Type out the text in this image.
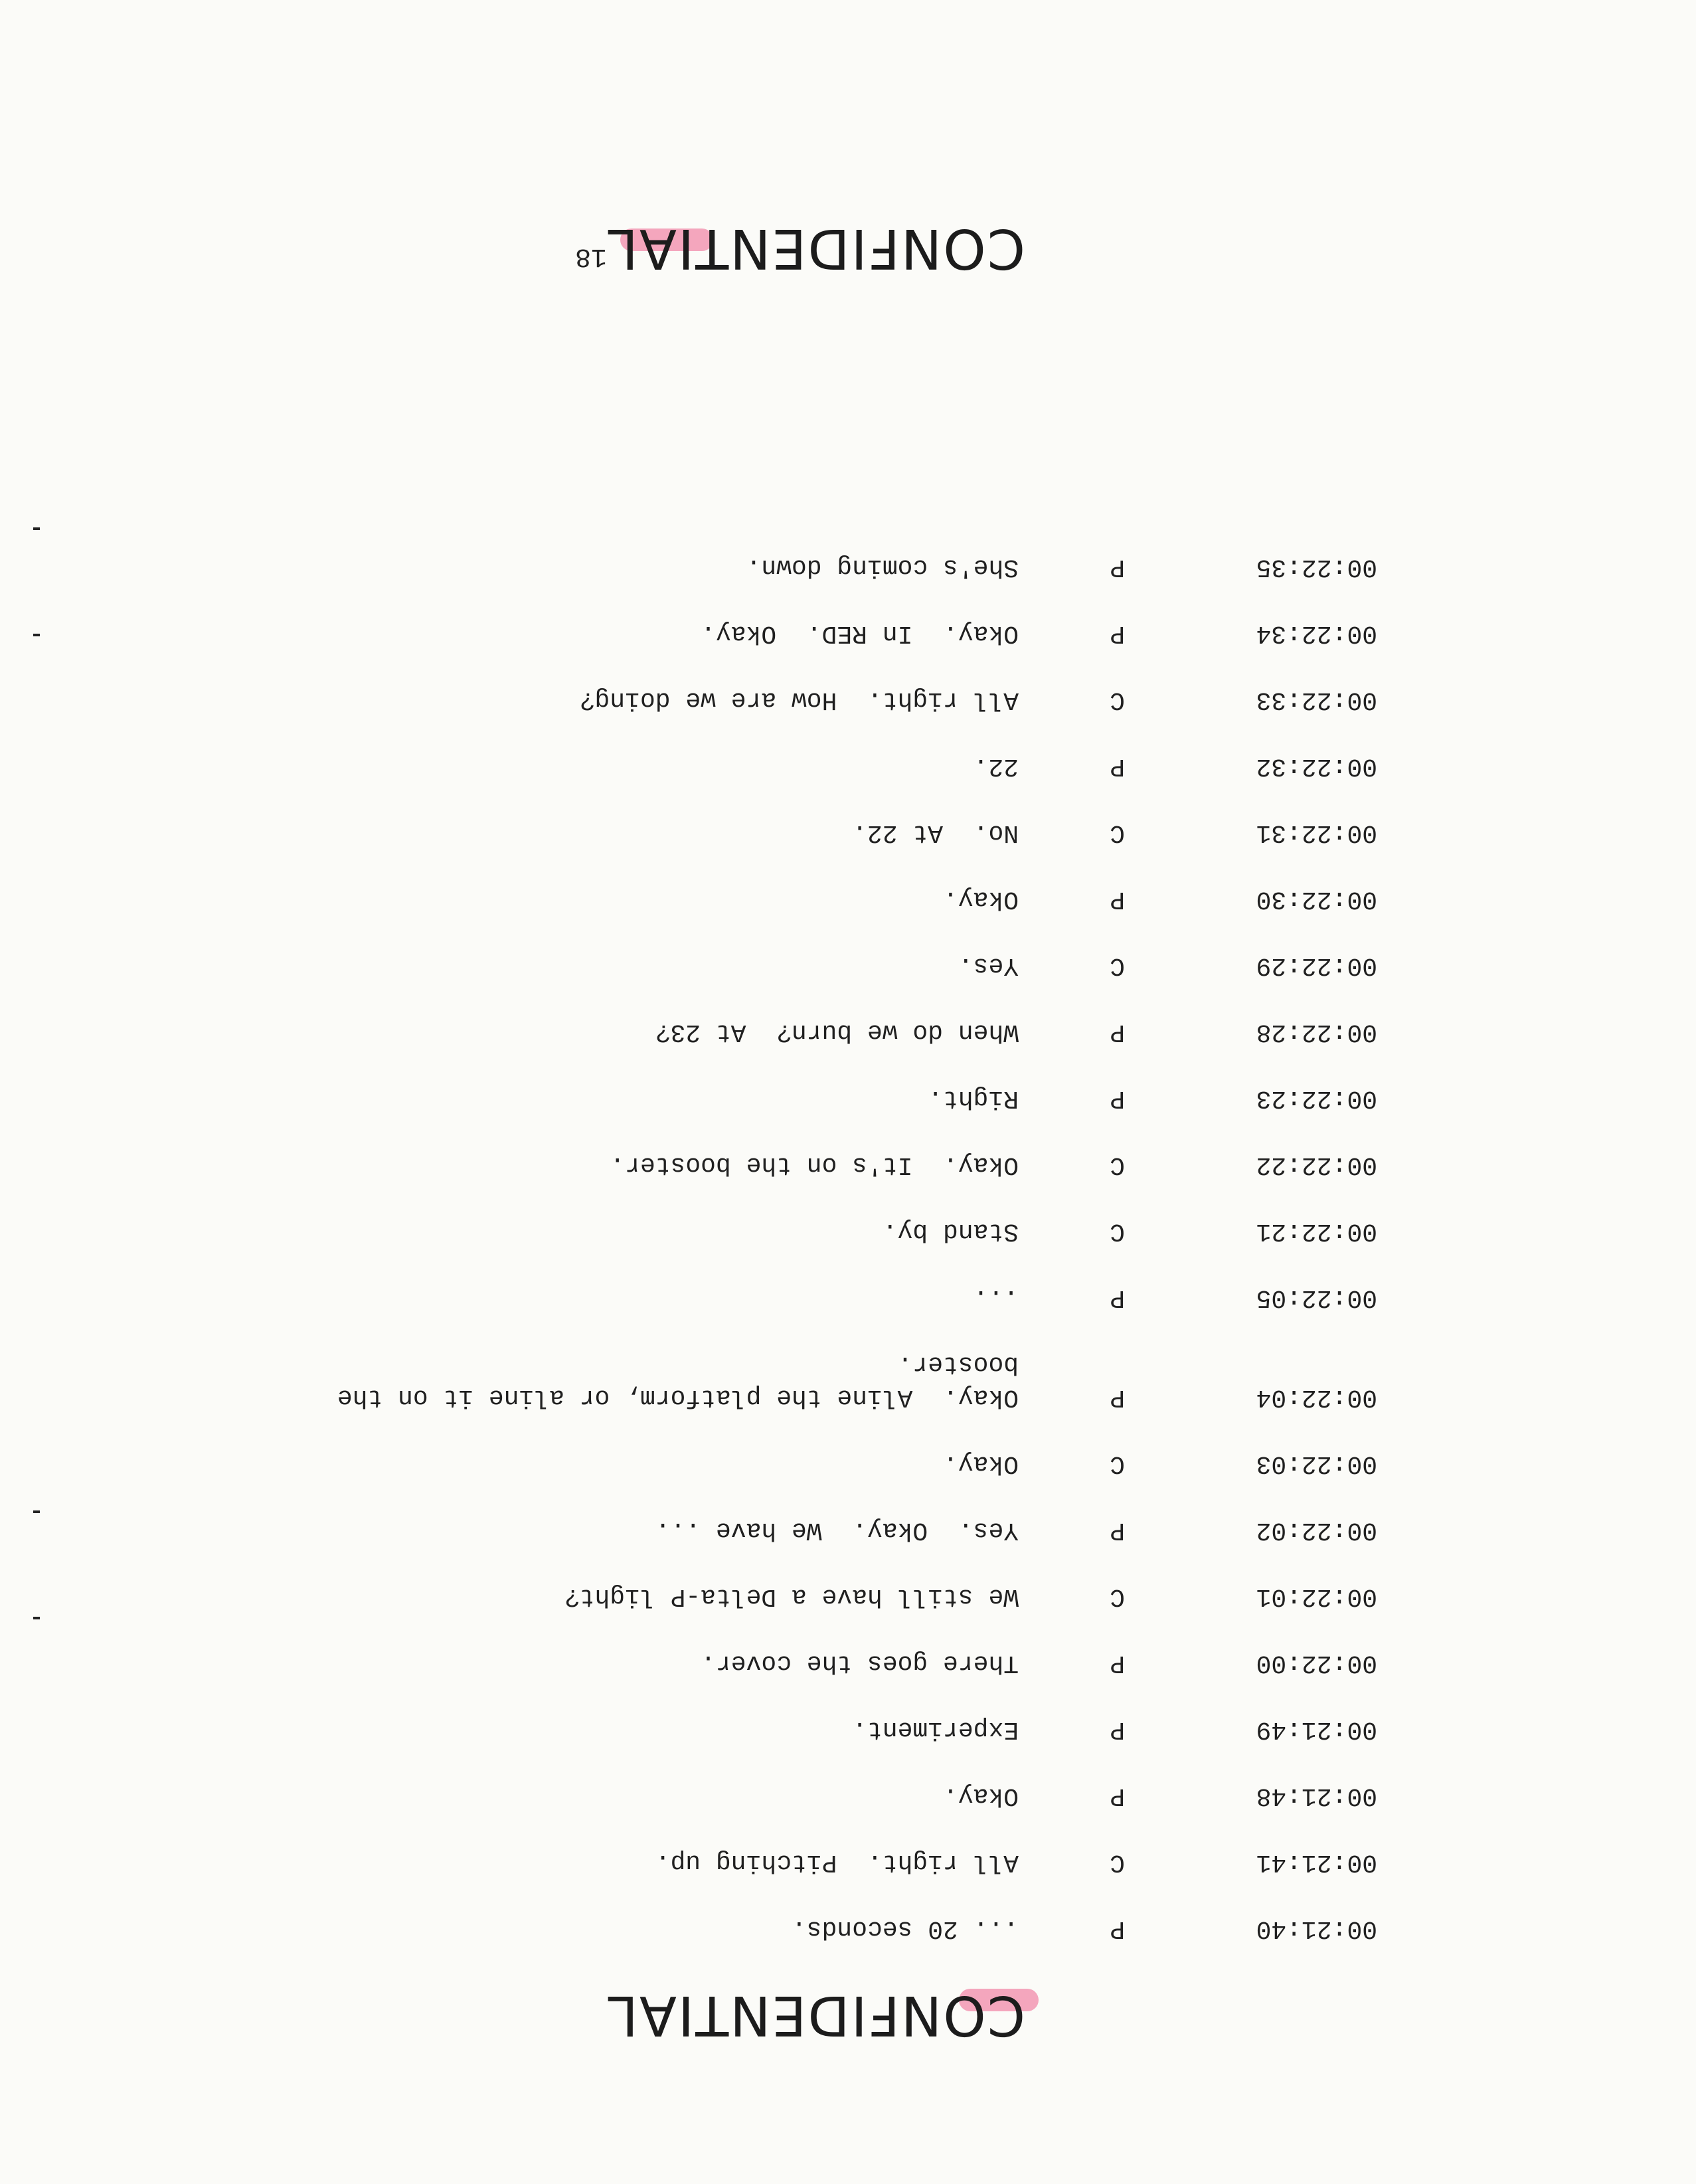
CONFIDENTIAL
00:21:40
P
... 20 seconds.
00:21:41
C
All right.  Pitching up.
00:21:48
P
Okay.
00:21:49
P
Experiment.
00:22:00
P
There goes the cover.
00:22:01
C
We still have a Delta-P light?
00:22:02
P
Yes.  Okay.  We have ...
00:22:03
C
Okay.
00:22:04
P
Okay.  Aline the platform, or aline it on the
booster.
00:22:05
P
...
00:22:21
C
Stand by.
00:22:22
C
Okay.  It's on the booster.
00:22:23
P
Right.
00:22:28
P
When do we burn?  At 23?
00:22:29
C
Yes.
00:22:30
P
Okay.
00:22:31
C
No.  At 22.
00:22:32
P
22.
00:22:33
C
All right.  How are we doing?
00:22:34
P
Okay.  In RED.  Okay.
00:22:35
P
She's coming down.
CONFIDENTIAL
18
